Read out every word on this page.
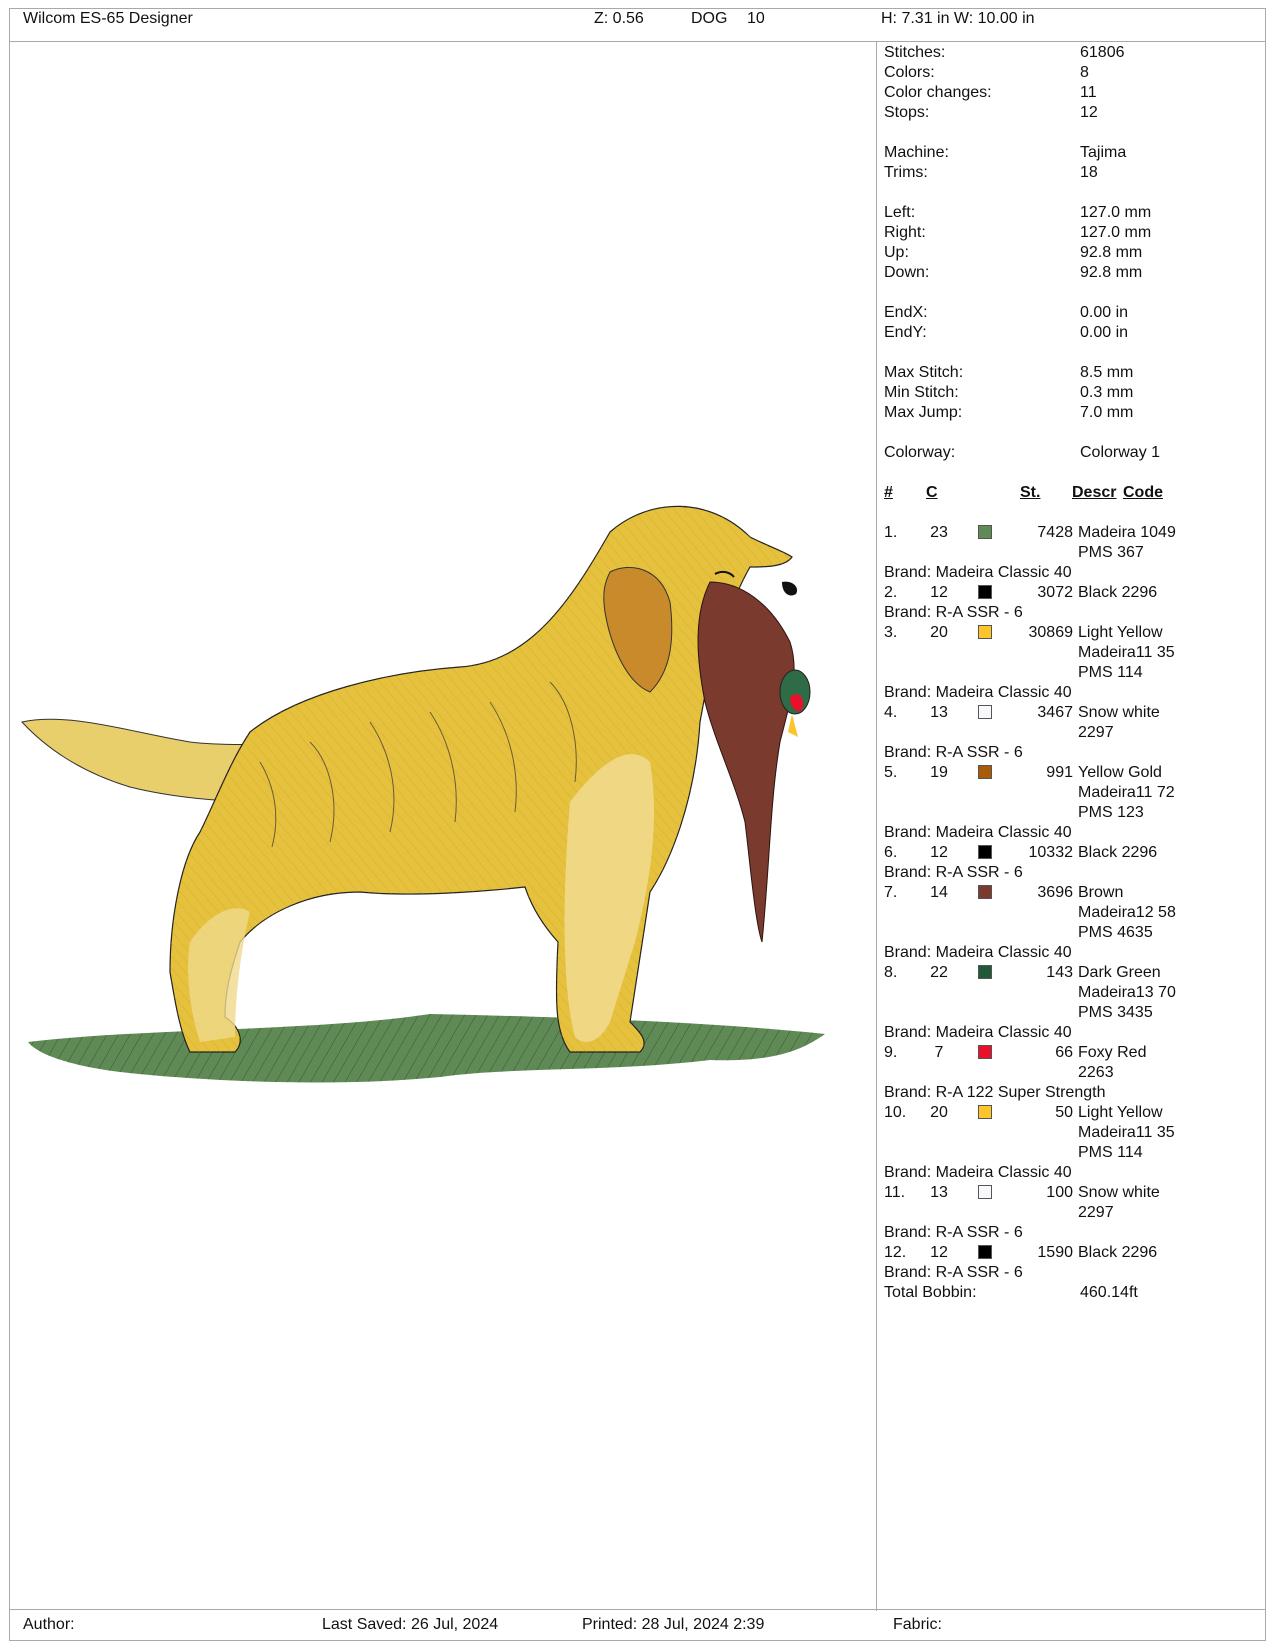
Wilcom ES-65 Designer	Z: 0.56	DOG 10	H: 7.31 in W: 10.00 in
Stitches:	61806
Colors:	8
Color changes:	11
Stops:	12
Machine:	Tajima
Trims:	18
Left:	127.0 mm
Right:	127.0 mm
Up:	92.8 mm
Down:	92.8 mm
EndX:	0.00 in
EndY:	0.00 in
Max Stitch:	8.5 mm
Min Stitch:	0.3 mm
Max Jump:	7.0 mm
Colorway:	Colorway 1
# C	St. Descr Code
1.	23	7428 Madeira 1049
PMS 367
Brand: Madeira Classic 40
2.	12	3072 Black 2296
Brand: R-A SSR - 6
3.	20	30869 Light Yellow
Madeira11 35
PMS 114
Brand: Madeira Classic 40
4.	13	3467 Snow white
2297
Brand: R-A SSR - 6
5.	19	991 Yellow Gold
Madeira11 72
PMS 123
Brand: Madeira Classic 40
6.	12	10332 Black 2296
Brand: R-A SSR - 6
7.	14	3696 Brown
Madeira12 58
PMS 4635
Brand: Madeira Classic 40
8.	22	143 Dark Green
Madeira13 70
PMS 3435
Brand: Madeira Classic 40
9.	7	66 Foxy Red
2263
Brand: R-A 122 Super Strength
10.	20	50 Light Yellow
Madeira11 35
PMS 114
Brand: Madeira Classic 40
11.	13	100 Snow white
2297
Brand: R-A SSR - 6
12.	12	1590 Black 2296
Brand: R-A SSR - 6
Total Bobbin:	460.14ft
Author:	Last Saved: 26 Jul, 2024	Printed: 28 Jul, 2024 2:39	Fabric:
